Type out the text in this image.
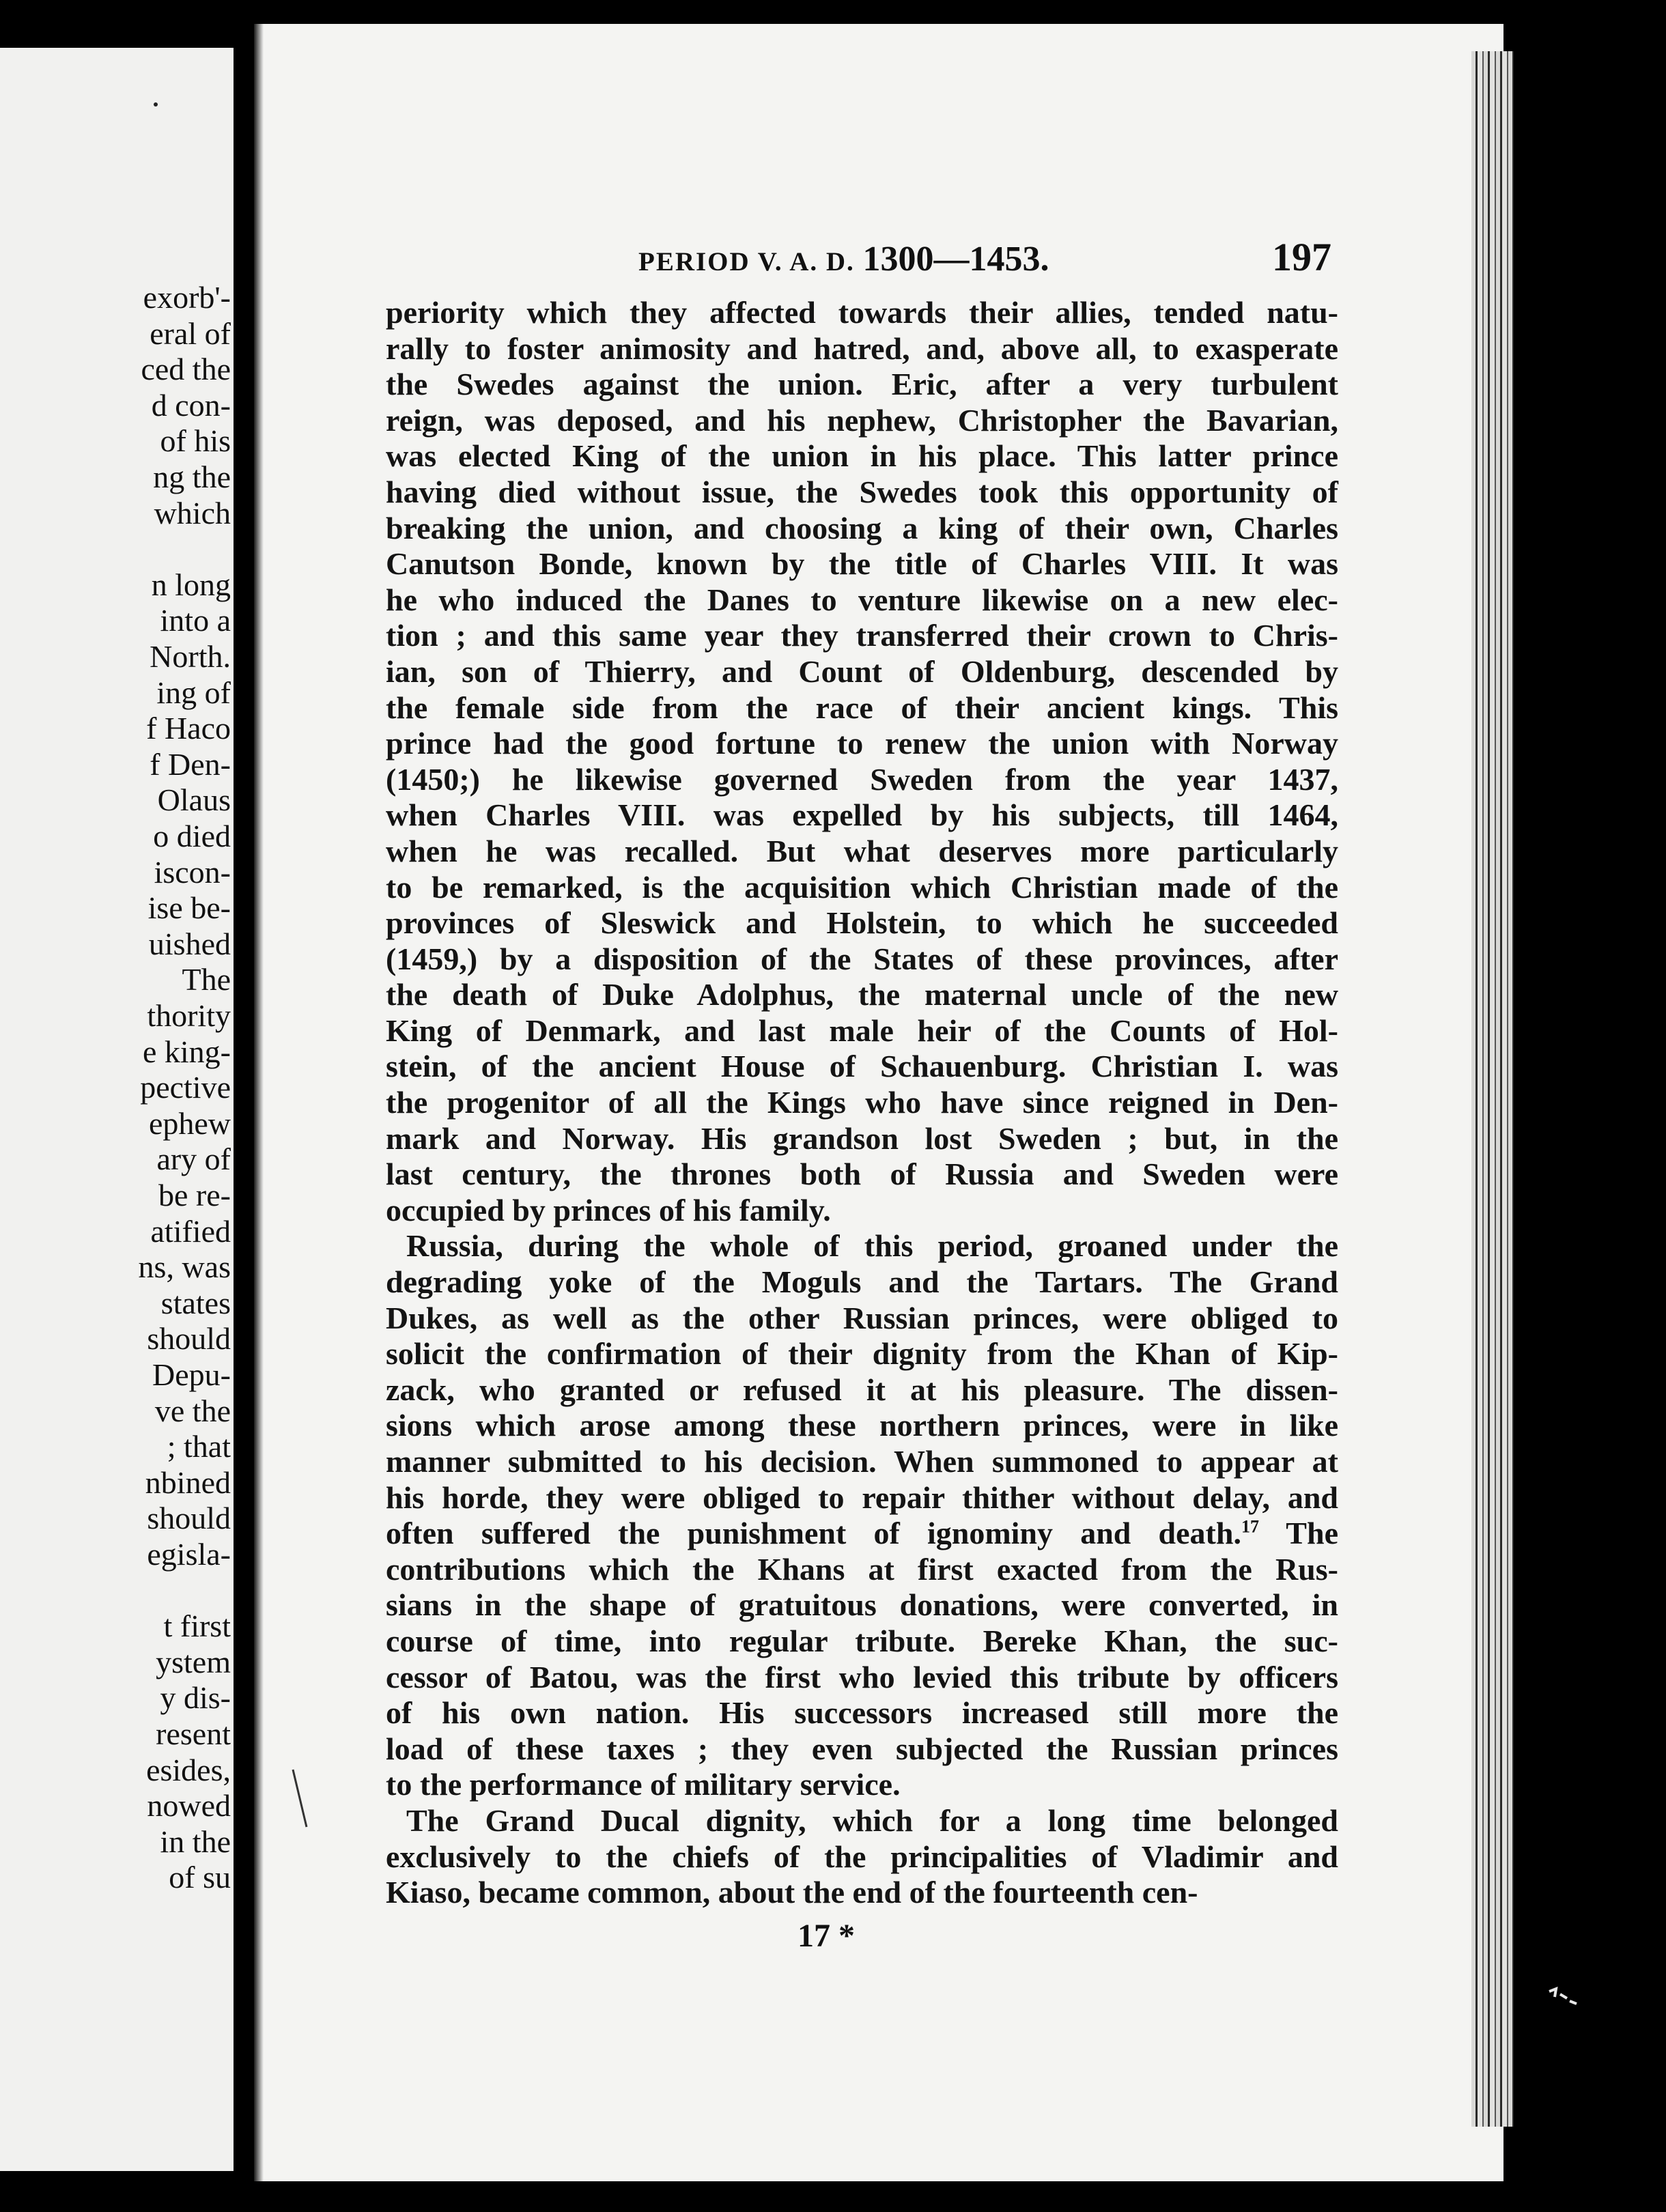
exorb'-
eral of
ced the
d con-
of his
ng the
which
n long
into a
North.
ing of
f Haco
f Den-
Olaus
o died
iscon-
ise be-
uished
The
thority
e king-
pective
ephew
ary of
be re-
atified
ns, was
states
should
Depu-
ve the
; that
nbined
should
egisla-
t first
ystem
y dis-
resent
esides,
nowed
in the
of su
PERIOD V. A. D. 1300—1453.	197
periority which they affected towards their allies, tended natu-
rally to foster animosity and hatred, and, above all, to exasperate
the Swedes against the union. Eric, after a very turbulent
reign, was deposed, and his nephew, Christopher the Bavarian,
was elected King of the union in his place. This latter prince
having died without issue, the Swedes took this opportunity of
breaking the union, and choosing a king of their own, Charles
Canutson Bonde, known by the title of Charles VIII. It was
he who induced the Danes to venture likewise on a new elec-
tion ; and this same year they transferred their crown to Chris-
ian, son of Thierry, and Count of Oldenburg, descended by
the female side from the race of their ancient kings. This
prince had the good fortune to renew the union with Norway
(1450;) he likewise governed Sweden from the year 1437,
when Charles VIII. was expelled by his subjects, till 1464,
when he was recalled. But what deserves more particularly
to be remarked, is the acquisition which Christian made of the
provinces of Sleswick and Holstein, to which he succeeded
(1459,) by a disposition of the States of these provinces, after
the death of Duke Adolphus, the maternal uncle of the new
King of Denmark, and last male heir of the Counts of Hol-
stein, of the ancient House of Schauenburg. Christian I. was
the progenitor of all the Kings who have since reigned in Den-
mark and Norway. His grandson lost Sweden ; but, in the
last century, the thrones both of Russia and Sweden were
occupied by princes of his family.
Russia, during the whole of this period, groaned under the
degrading yoke of the Moguls and the Tartars. The Grand
Dukes, as well as the other Russian princes, were obliged to
solicit the confirmation of their dignity from the Khan of Kip-
zack, who granted or refused it at his pleasure. The dissen-
sions which arose among these northern princes, were in like
manner submitted to his decision. When summoned to appear at
his horde, they were obliged to repair thither without delay, and
often suffered the punishment of ignominy and death.$^{17}$ The
contributions which the Khans at first exacted from the Rus-
sians in the shape of gratuitous donations, were converted, in
course of time, into regular tribute. Bereke Khan, the suc-
cessor of Batou, was the first who levied this tribute by officers
of his own nation. His successors increased still more the
load of these taxes ; they even subjected the Russian princes
to the performance of military service.
The Grand Ducal dignity, which for a long time belonged
exclusively to the chiefs of the principalities of Vladimir and
Kiaso, became common, about the end of the fourteenth cen-
17 *
